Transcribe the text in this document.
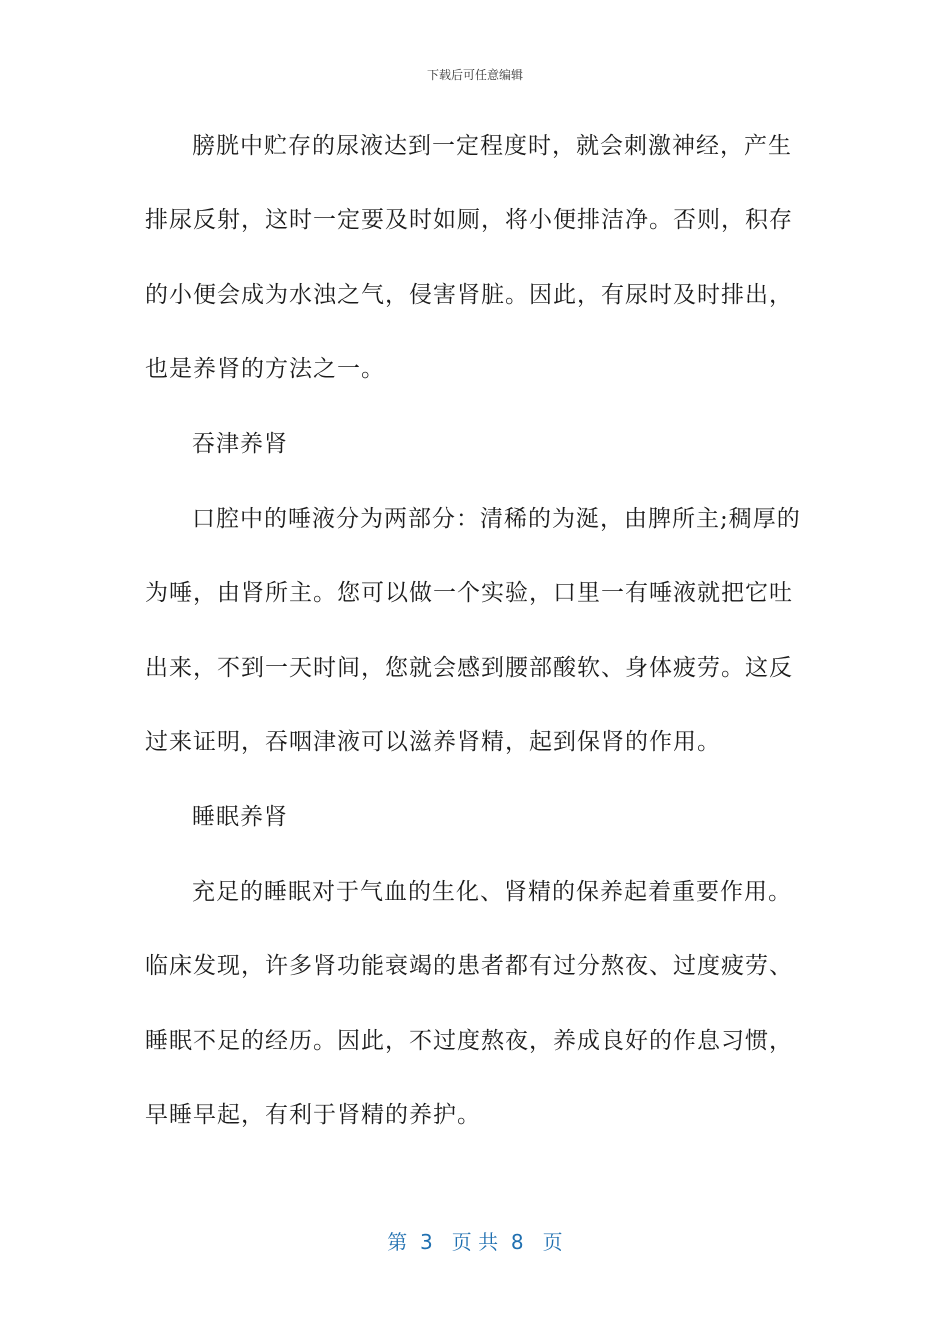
下载后可任意编辑
膀胱中贮存的尿液达到一定程度时，就会刺激神经，产生
排尿反射，这时一定要及时如厕，将小便排洁净。否则，积存
的小便会成为水浊之气，侵害肾脏。因此，有尿时及时排出，
也是养肾的方法之一。
吞津养肾
口腔中的唾液分为两部分：清稀的为涎，由脾所主;稠厚的
为唾，由肾所主。您可以做一个实验，口里一有唾液就把它吐
出来，不到一天时间，您就会感到腰部酸软、身体疲劳。这反
过来证明，吞咽津液可以滋养肾精，起到保肾的作用。
睡眠养肾
充足的睡眠对于气血的生化、肾精的保养起着重要作用。
临床发现，许多肾功能衰竭的患者都有过分熬夜、过度疲劳、
睡眠不足的经历。因此，不过度熬夜，养成良好的作息习惯，
早睡早起，有利于肾精的养护。
第  3   页 共  8   页
